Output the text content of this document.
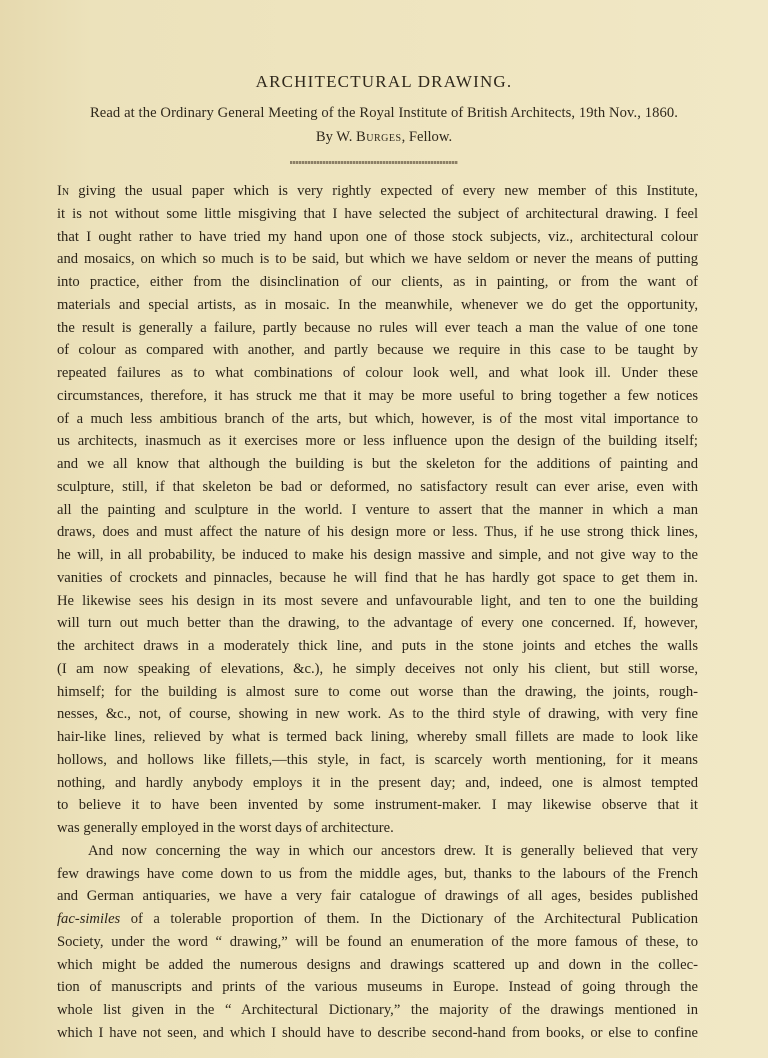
ARCHITECTURAL DRAWING.
Read at the Ordinary General Meeting of the Royal Institute of British Architects, 19th Nov., 1860.
By W. Burges, Fellow.
In giving the usual paper which is very rightly expected of every new member of this Institute,
it is not without some little misgiving that I have selected the subject of architectural drawing. I feel
that I ought rather to have tried my hand upon one of those stock subjects, viz., architectural colour
and mosaics, on which so much is to be said, but which we have seldom or never the means of putting
into practice, either from the disinclination of our clients, as in painting, or from the want of
materials and special artists, as in mosaic. In the meanwhile, whenever we do get the opportunity,
the result is generally a failure, partly because no rules will ever teach a man the value of one tone
of colour as compared with another, and partly because we require in this case to be taught by
repeated failures as to what combinations of colour look well, and what look ill. Under these
circumstances, therefore, it has struck me that it may be more useful to bring together a few notices
of a much less ambitious branch of the arts, but which, however, is of the most vital importance to
us architects, inasmuch as it exercises more or less influence upon the design of the building itself;
and we all know that although the building is but the skeleton for the additions of painting and
sculpture, still, if that skeleton be bad or deformed, no satisfactory result can ever arise, even with
all the painting and sculpture in the world. I venture to assert that the manner in which a man
draws, does and must affect the nature of his design more or less. Thus, if he use strong thick lines,
he will, in all probability, be induced to make his design massive and simple, and not give way to the
vanities of crockets and pinnacles, because he will find that he has hardly got space to get them in.
He likewise sees his design in its most severe and unfavourable light, and ten to one the building
will turn out much better than the drawing, to the advantage of every one concerned. If, however,
the architect draws in a moderately thick line, and puts in the stone joints and etches the walls
(I am now speaking of elevations, &c.), he simply deceives not only his client, but still worse,
himself; for the building is almost sure to come out worse than the drawing, the joints, rough-
nesses, &c., not, of course, showing in new work. As to the third style of drawing, with very fine
hair-like lines, relieved by what is termed back lining, whereby small fillets are made to look like
hollows, and hollows like fillets,—this style, in fact, is scarcely worth mentioning, for it means
nothing, and hardly anybody employs it in the present day; and, indeed, one is almost tempted
to believe it to have been invented by some instrument-maker. I may likewise observe that it
was generally employed in the worst days of architecture.
And now concerning the way in which our ancestors drew. It is generally believed that very
few drawings have come down to us from the middle ages, but, thanks to the labours of the French
and German antiquaries, we have a very fair catalogue of drawings of all ages, besides published
fac-similes of a tolerable proportion of them. In the Dictionary of the Architectural Publication
Society, under the word “ drawing,” will be found an enumeration of the more famous of these, to
which might be added the numerous designs and drawings scattered up and down in the collec-
tion of manuscripts and prints of the various museums in Europe. Instead of going through the
whole list given in the “ Architectural Dictionary,” the majority of the drawings mentioned in
which I have not seen, and which I should have to describe second-hand from books, or else to confine
